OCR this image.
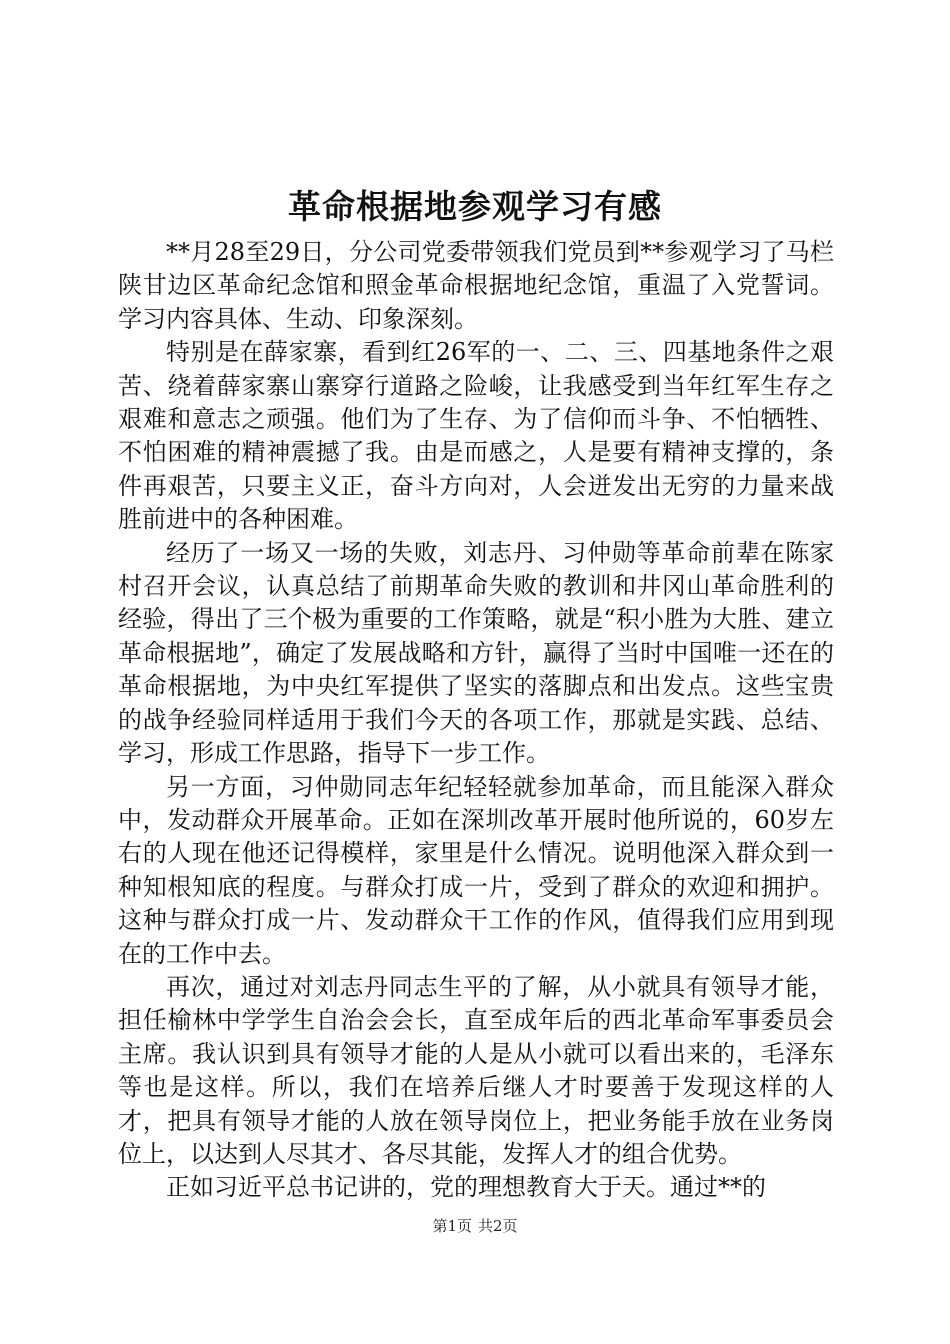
革命根据地参观学习有感

**月28至29日，分公司党委带领我们党员到**参观学习了马栏陕甘边区革命纪念馆和照金革命根据地纪念馆，重温了入党誓词。学习内容具体、生动、印象深刻。

特别是在薛家寨，看到红26军的一、二、三、四基地条件之艰苦、绕着薛家寨山寨穿行道路之险峻，让我感受到当年红军生存之艰难和意志之顽强。他们为了生存、为了信仰而斗争、不怕牺牲、不怕困难的精神震撼了我。由是而感之，人是要有精神支撑的，条件再艰苦，只要主义正，奋斗方向对，人会迸发出无穷的力量来战胜前进中的各种困难。

经历了一场又一场的失败，刘志丹、习仲勋等革命前辈在陈家村召开会议，认真总结了前期革命失败的教训和井冈山革命胜利的经验，得出了三个极为重要的工作策略，就是“积小胜为大胜、建立革命根据地”，确定了发展战略和方针，赢得了当时中国唯一还在的革命根据地，为中央红军提供了坚实的落脚点和出发点。这些宝贵的战争经验同样适用于我们今天的各项工作，那就是实践、总结、学习，形成工作思路，指导下一步工作。

另一方面，习仲勋同志年纪轻轻就参加革命，而且能深入群众中，发动群众开展革命。正如在深圳改革开展时他所说的，60岁左右的人现在他还记得模样，家里是什么情况。说明他深入群众到一种知根知底的程度。与群众打成一片，受到了群众的欢迎和拥护。这种与群众打成一片、发动群众干工作的作风，值得我们应用到现在的工作中去。

再次，通过对刘志丹同志生平的了解，从小就具有领导才能，担任榆林中学学生自治会会长，直至成年后的西北革命军事委员会主席。我认识到具有领导才能的人是从小就可以看出来的，毛泽东等也是这样。所以，我们在培养后继人才时要善于发现这样的人才，把具有领导才能的人放在领导岗位上，把业务能手放在业务岗位上，以达到人尽其才、各尽其能，发挥人才的组合优势。

正如习近平总书记讲的，党的理想教育大于天。通过**的

第1页 共2页
